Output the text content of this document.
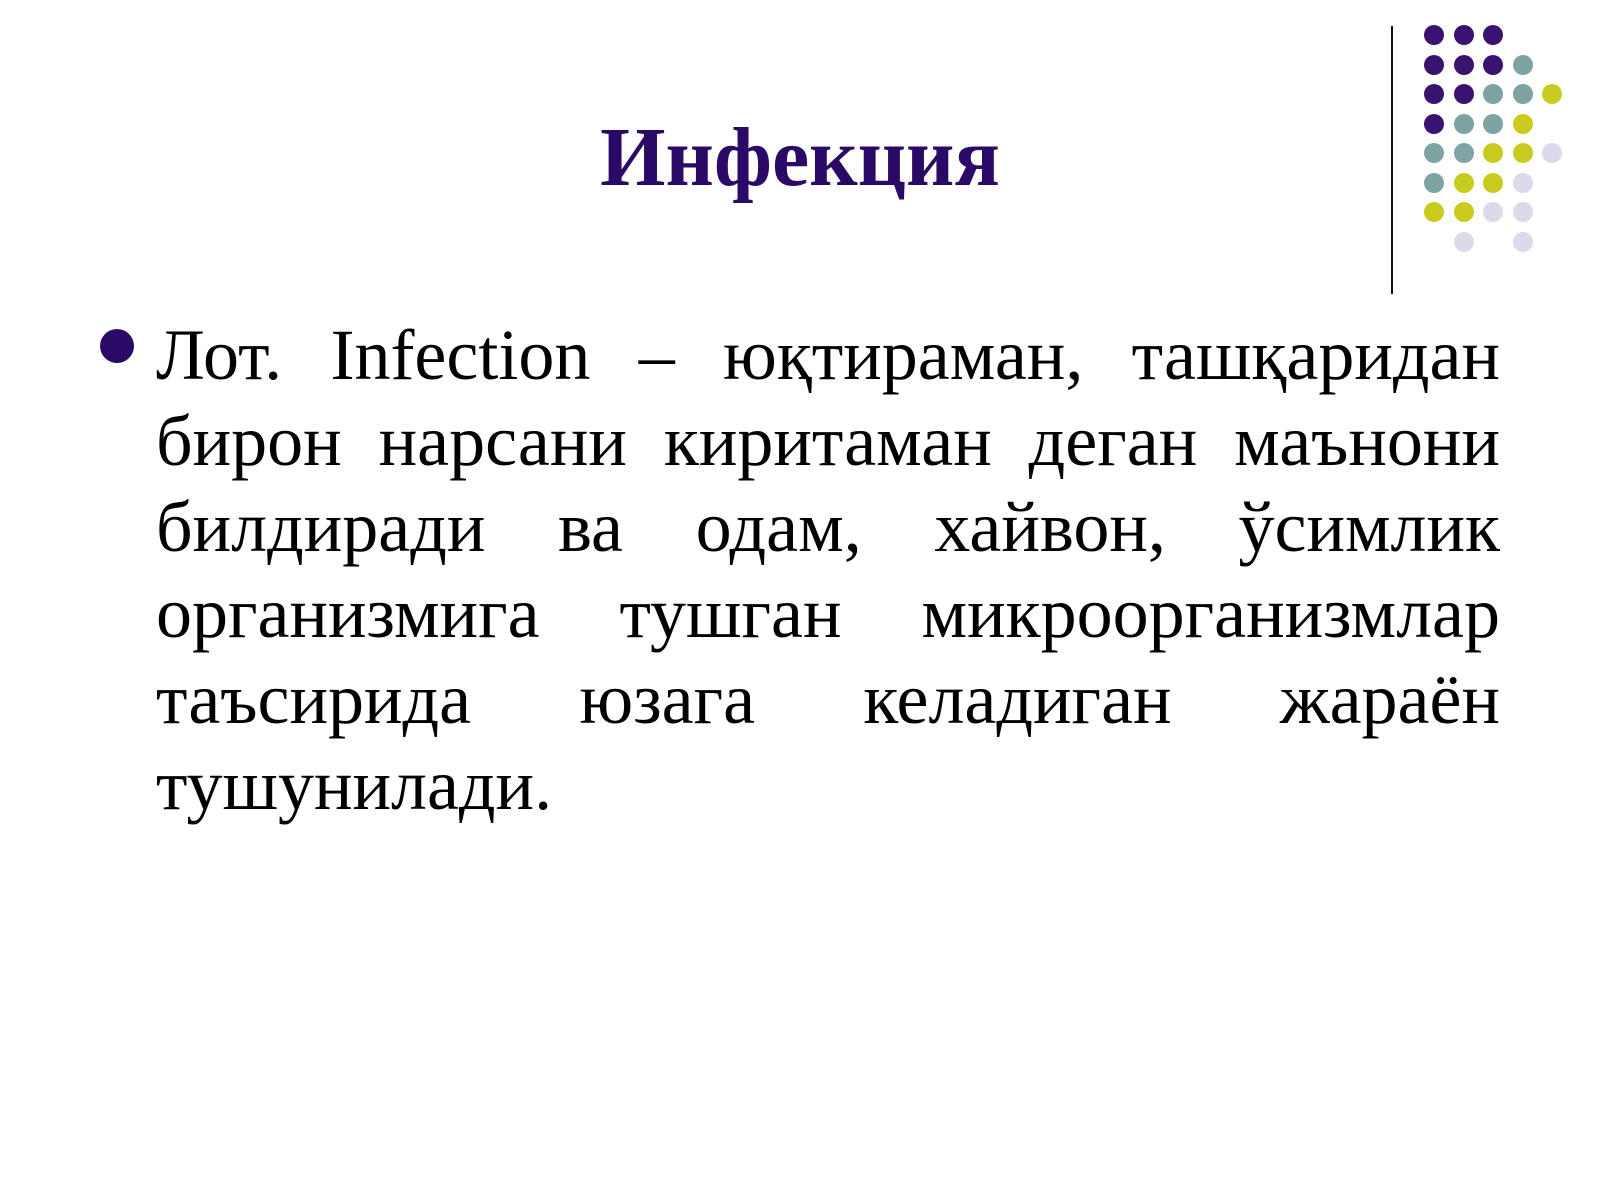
Инфекция

Лот. Infection – юқтираман, ташқаридан бирон нарсани киритаман деган маънони билдиради ва одам, хайвон, ўсимлик организмига тушган микроорганизмлар таъсирида юзага келадиган жараён тушунилади.
